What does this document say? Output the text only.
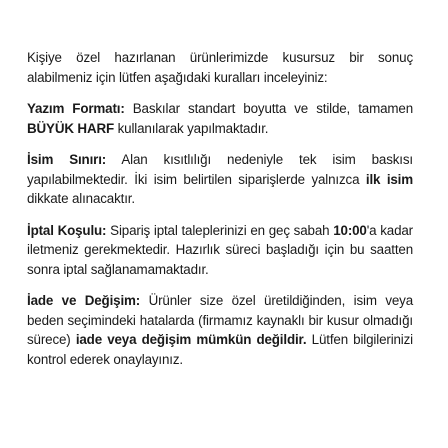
Kişiye özel hazırlanan ürünlerimizde kusursuz bir sonuç alabilmeniz için lütfen aşağıdaki kuralları inceleyiniz:

Yazım Formatı: Baskılar standart boyutta ve stilde, tamamen BÜYÜK HARF kullanılarak yapılmaktadır.

İsim Sınırı: Alan kısıtlılığı nedeniyle tek isim baskısı yapılabilmektedir. İki isim belirtilen siparişlerde yalnızca ilk isim dikkate alınacaktır.

İptal Koşulu: Sipariş iptal taleplerinizi en geç sabah 10:00'a kadar iletmeniz gerekmektedir. Hazırlık süreci başladığı için bu saatten sonra iptal sağlanamamaktadır.

İade ve Değişim: Ürünler size özel üretildiğinden, isim veya beden seçimindeki hatalarda (firmamız kaynaklı bir kusur olmadığı sürece) iade veya değişim mümkün değildir. Lütfen bilgilerinizi kontrol ederek onaylayınız.
